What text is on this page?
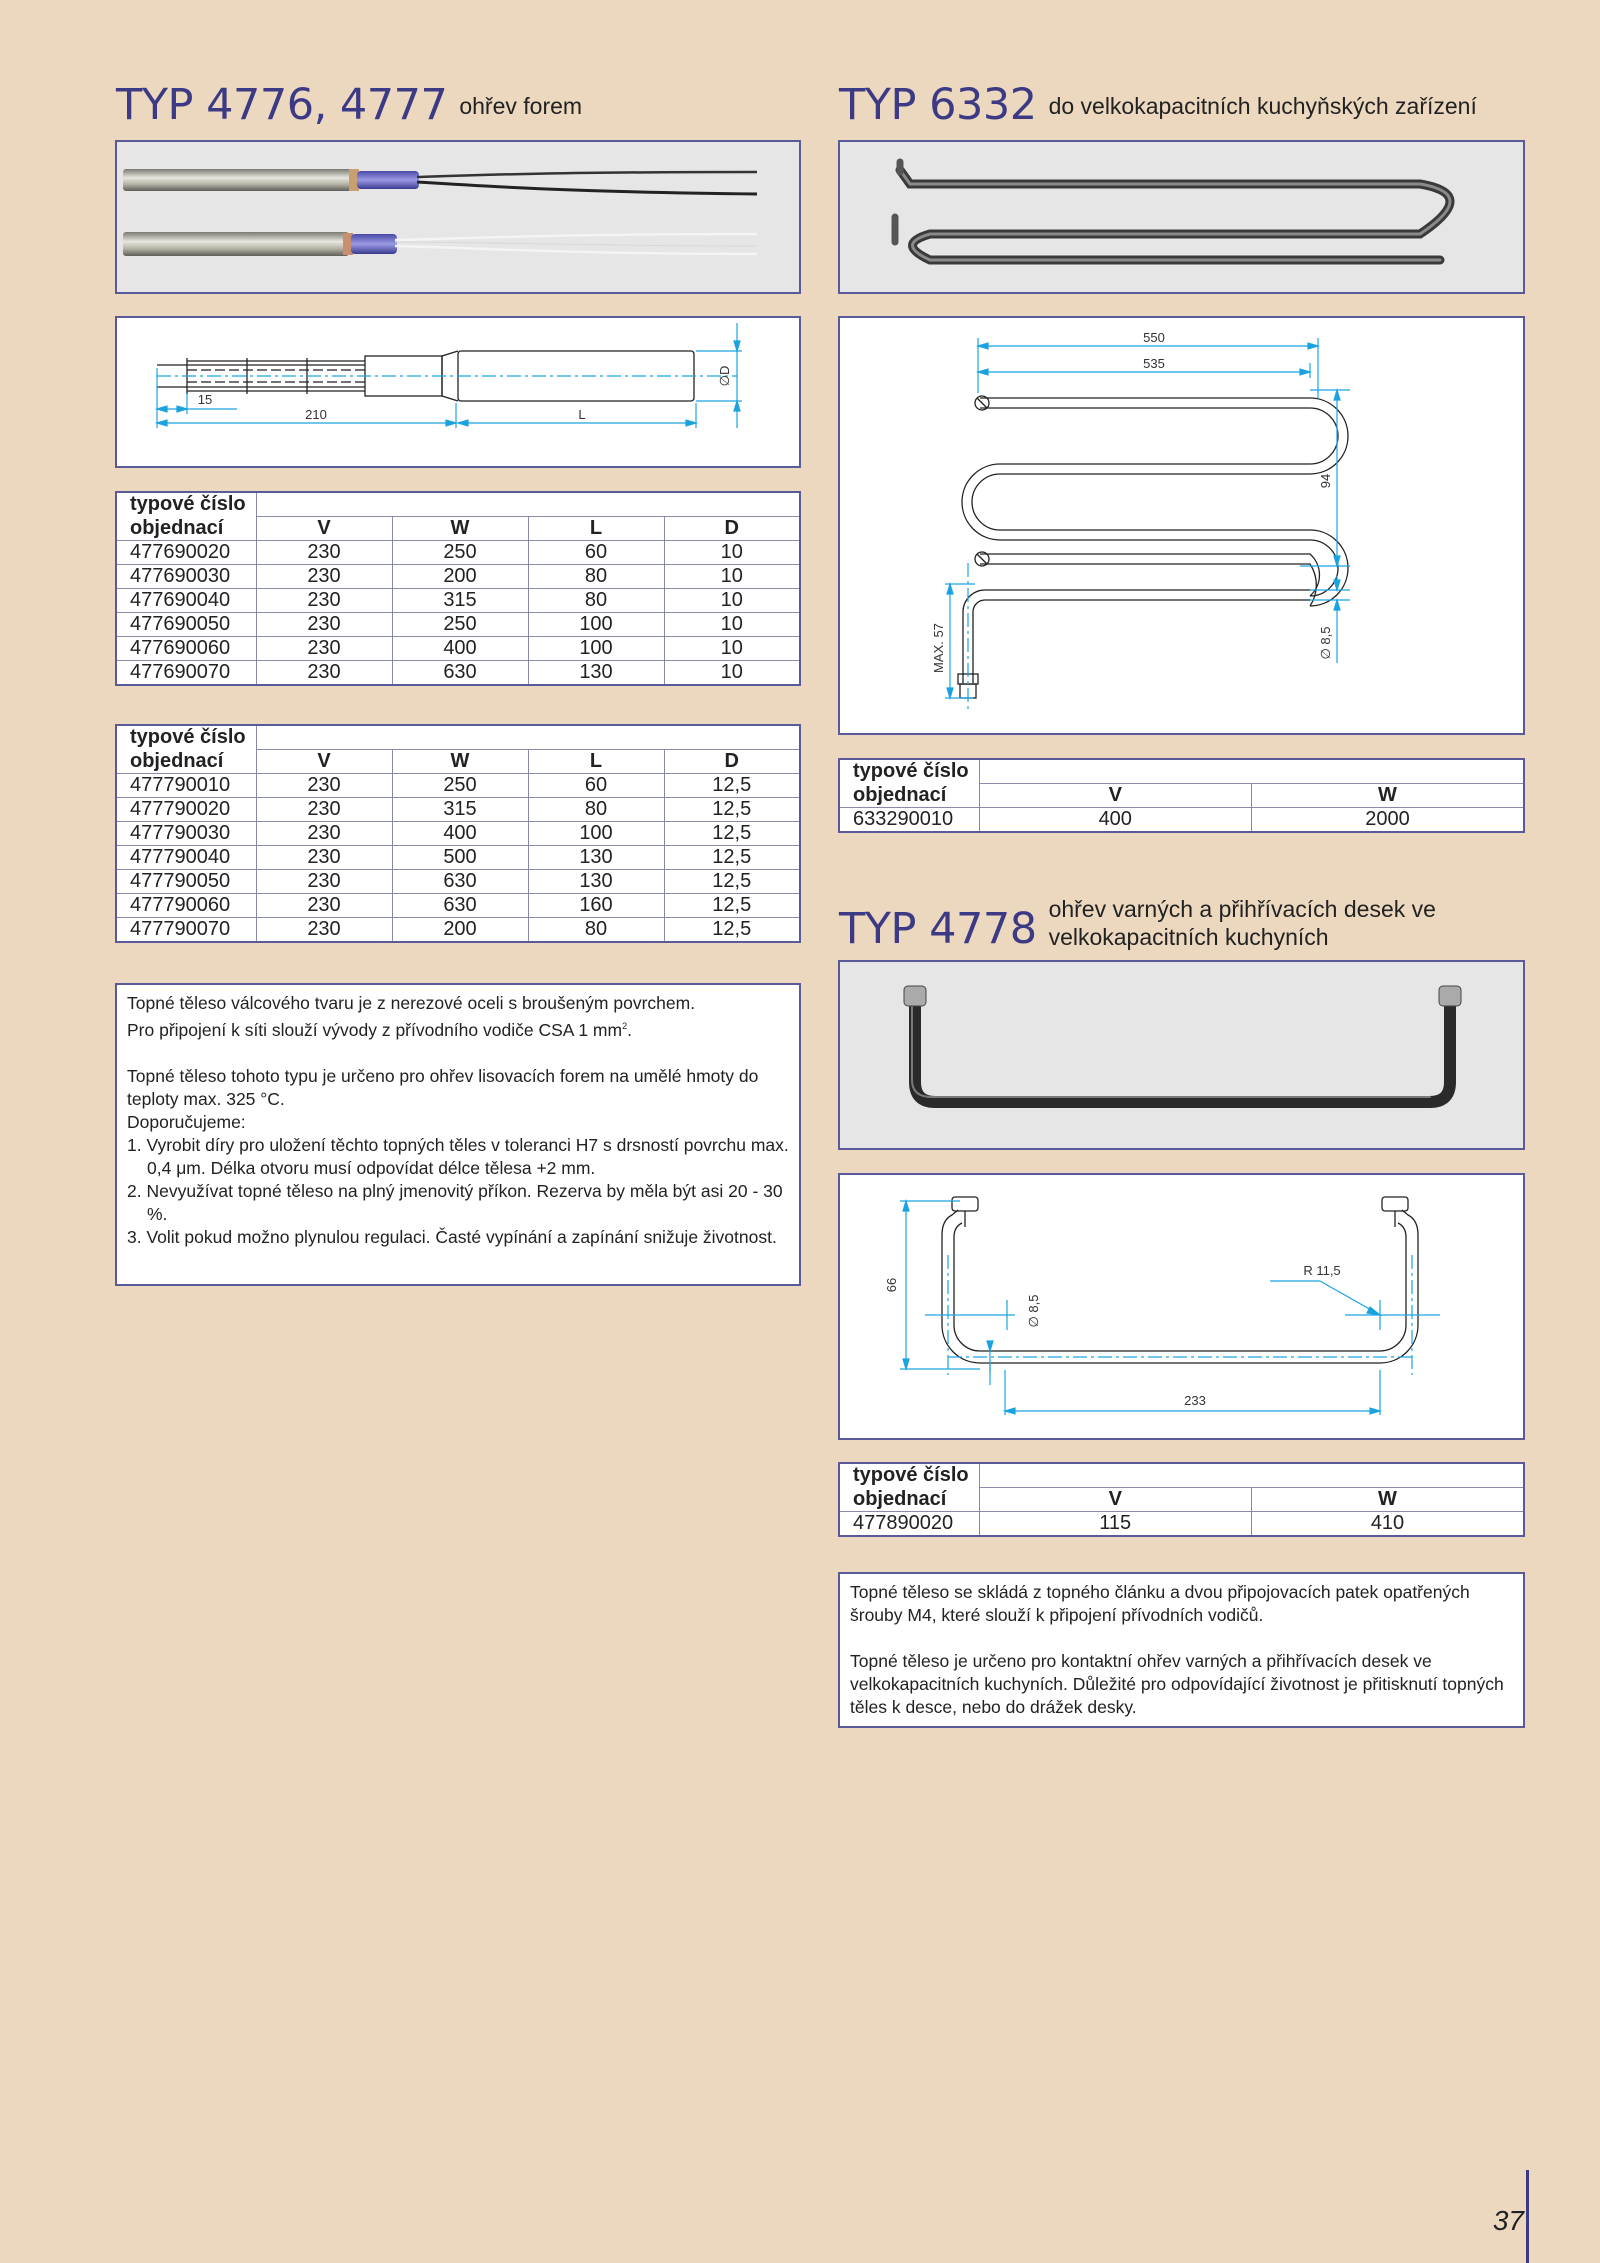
TYP 4776, 4777 ohřev forem
15
210	L
∅D
typové číslo				
objednací	V	W	L	D
477690020	230	250	60	10
477690030	230	200	80	10
477690040	230	315	80	10
477690050	230	250	100	10
477690060	230	400	100	10
477690070	230	630	130	10
typové číslo				
objednací	V	W	L	D
477790010	230	250	60	12,5
477790020	230	315	80	12,5
477790030	230	400	100	12,5
477790040	230	500	130	12,5
477790050	230	630	130	12,5
477790060	230	630	160	12,5
477790070	230	200	80	12,5

Topné těleso válcového tvaru je z nerezové oceli s broušeným povrchem.

Pro připojení k síti slouží vývody z přívodního vodiče CSA 1 $mm^2$.

Topné těleso tohoto typu je určeno pro ohřev lisovacích forem na umělé hmoty do teploty max. 325 °C.

Doporučujeme:

1. Vyrobit díry pro uložení těchto topných těles v toleranci H7 s drsností povrchu max. 0,4 μm. Délka otvoru musí odpovídat délce tělesa +2 mm.

2. Nevyužívat topné těleso na plný jmenovitý příkon. Rezerva by měla být asi 20 - 30 %.

3. Volit pokud možno plynulou regulaci. Časté vypínání a zapínání snižuje životnost.

TYP 6332 do velkokapacitních kuchyňských zařízení
550
535
94
MAX. 57	∅ 8,5
typové číslo		
objednací	V	W
633290010	400	2000
TYP 4778 ohřev varných a přihřívacích desek ve
velkokapacitních kuchyních
66
∅ 8,5
R 11,5
233
typové číslo		
objednací	V	W
477890020	115	410

Topné těleso se skládá z topného článku a dvou připojovacích patek opatřených šrouby M4, které slouží k připojení přívodních vodičů.

Topné těleso je určeno pro kontaktní ohřev varných a přihřívacích desek ve velkokapacitních kuchyních. Důležité pro odpovídající životnost je přitisknutí topných těles k desce, nebo do drážek desky.

37
